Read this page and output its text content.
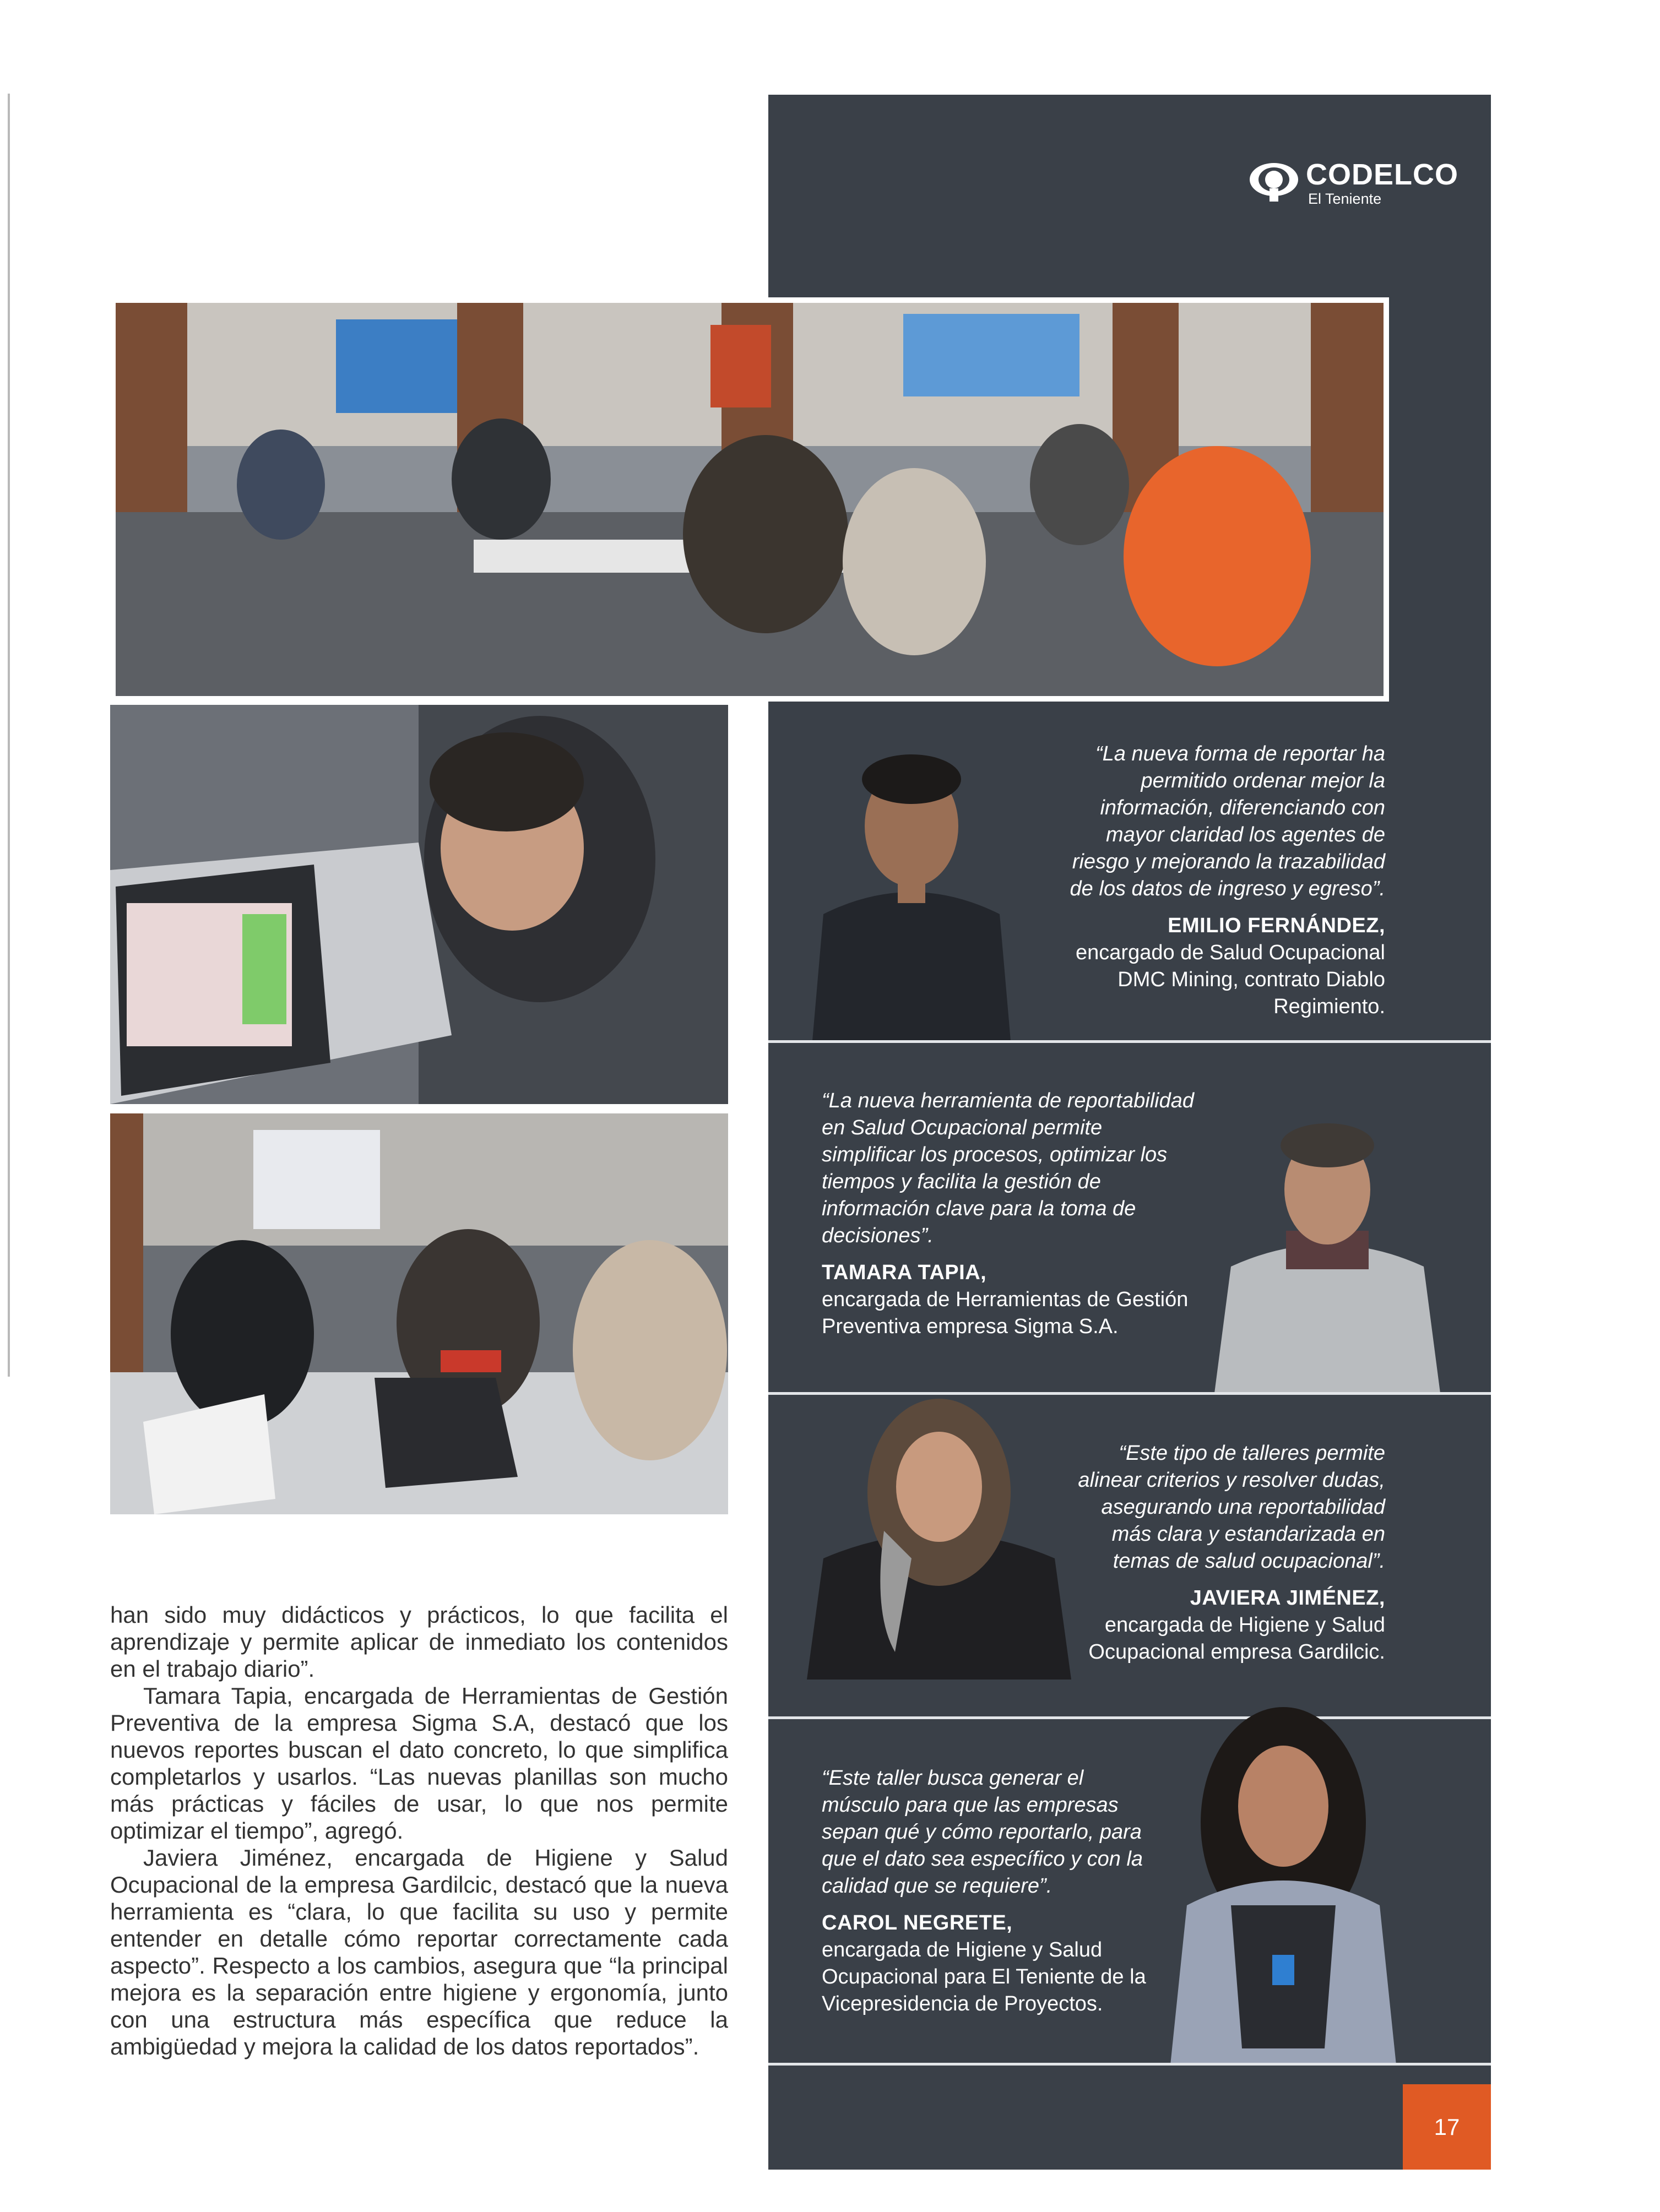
CODELCO
El Teniente

“La nueva forma de reportar ha permitido ordenar mejor la información, diferenciando con mayor claridad los agentes de riesgo y mejorando la trazabilidad de los datos de ingreso y egreso”.

EMILIO FERNÁNDEZ,

encargado de Salud Ocupacional DMC Mining, contrato Diablo Regimiento.

“La nueva herramienta de reportabilidad en Salud Ocupacional permite simplificar los procesos, optimizar los tiempos y facilita la gestión de información clave para la toma de decisiones”.

TAMARA TAPIA,

encargada de Herramientas de Gestión Preventiva empresa Sigma S.A.

“Este tipo de talleres permite alinear criterios y resolver dudas, asegurando una reportabilidad más clara y estandarizada en temas de salud ocupacional”.

JAVIERA JIMÉNEZ,

encargada de Higiene y Salud Ocupacional empresa Gardilcic.

“Este taller busca generar el músculo para que las empresas sepan qué y cómo reportarlo, para que el dato sea específico y con la calidad que se requiere”.

CAROL NEGRETE,

encargada de Higiene y Salud Ocupacional para El Teniente de la Vicepresidencia de Proyectos.

han sido muy didácticos y prácticos, lo que facilita el aprendizaje y permite aplicar de inmediato los contenidos en el trabajo diario”.

Tamara Tapia, encargada de Herramientas de Gestión Preventiva de la empresa Sigma S.A, destacó que los nuevos reportes buscan el dato concreto, lo que simplifica completarlos y usarlos. “Las nuevas planillas son mucho más prácticas y fáciles de usar, lo que nos permite optimizar el tiempo”, agregó.

Javiera Jiménez, encargada de Higiene y Salud Ocupacional de la empresa Gardilcic, destacó que la nueva herramienta es “clara, lo que facilita su uso y permite entender en detalle cómo reportar correctamente cada aspecto”. Respecto a los cambios, asegura que “la principal mejora es la separación entre higiene y ergonomía, junto con una estructura más específica que reduce la ambigüedad y mejora la calidad de los datos reportados”.

17
